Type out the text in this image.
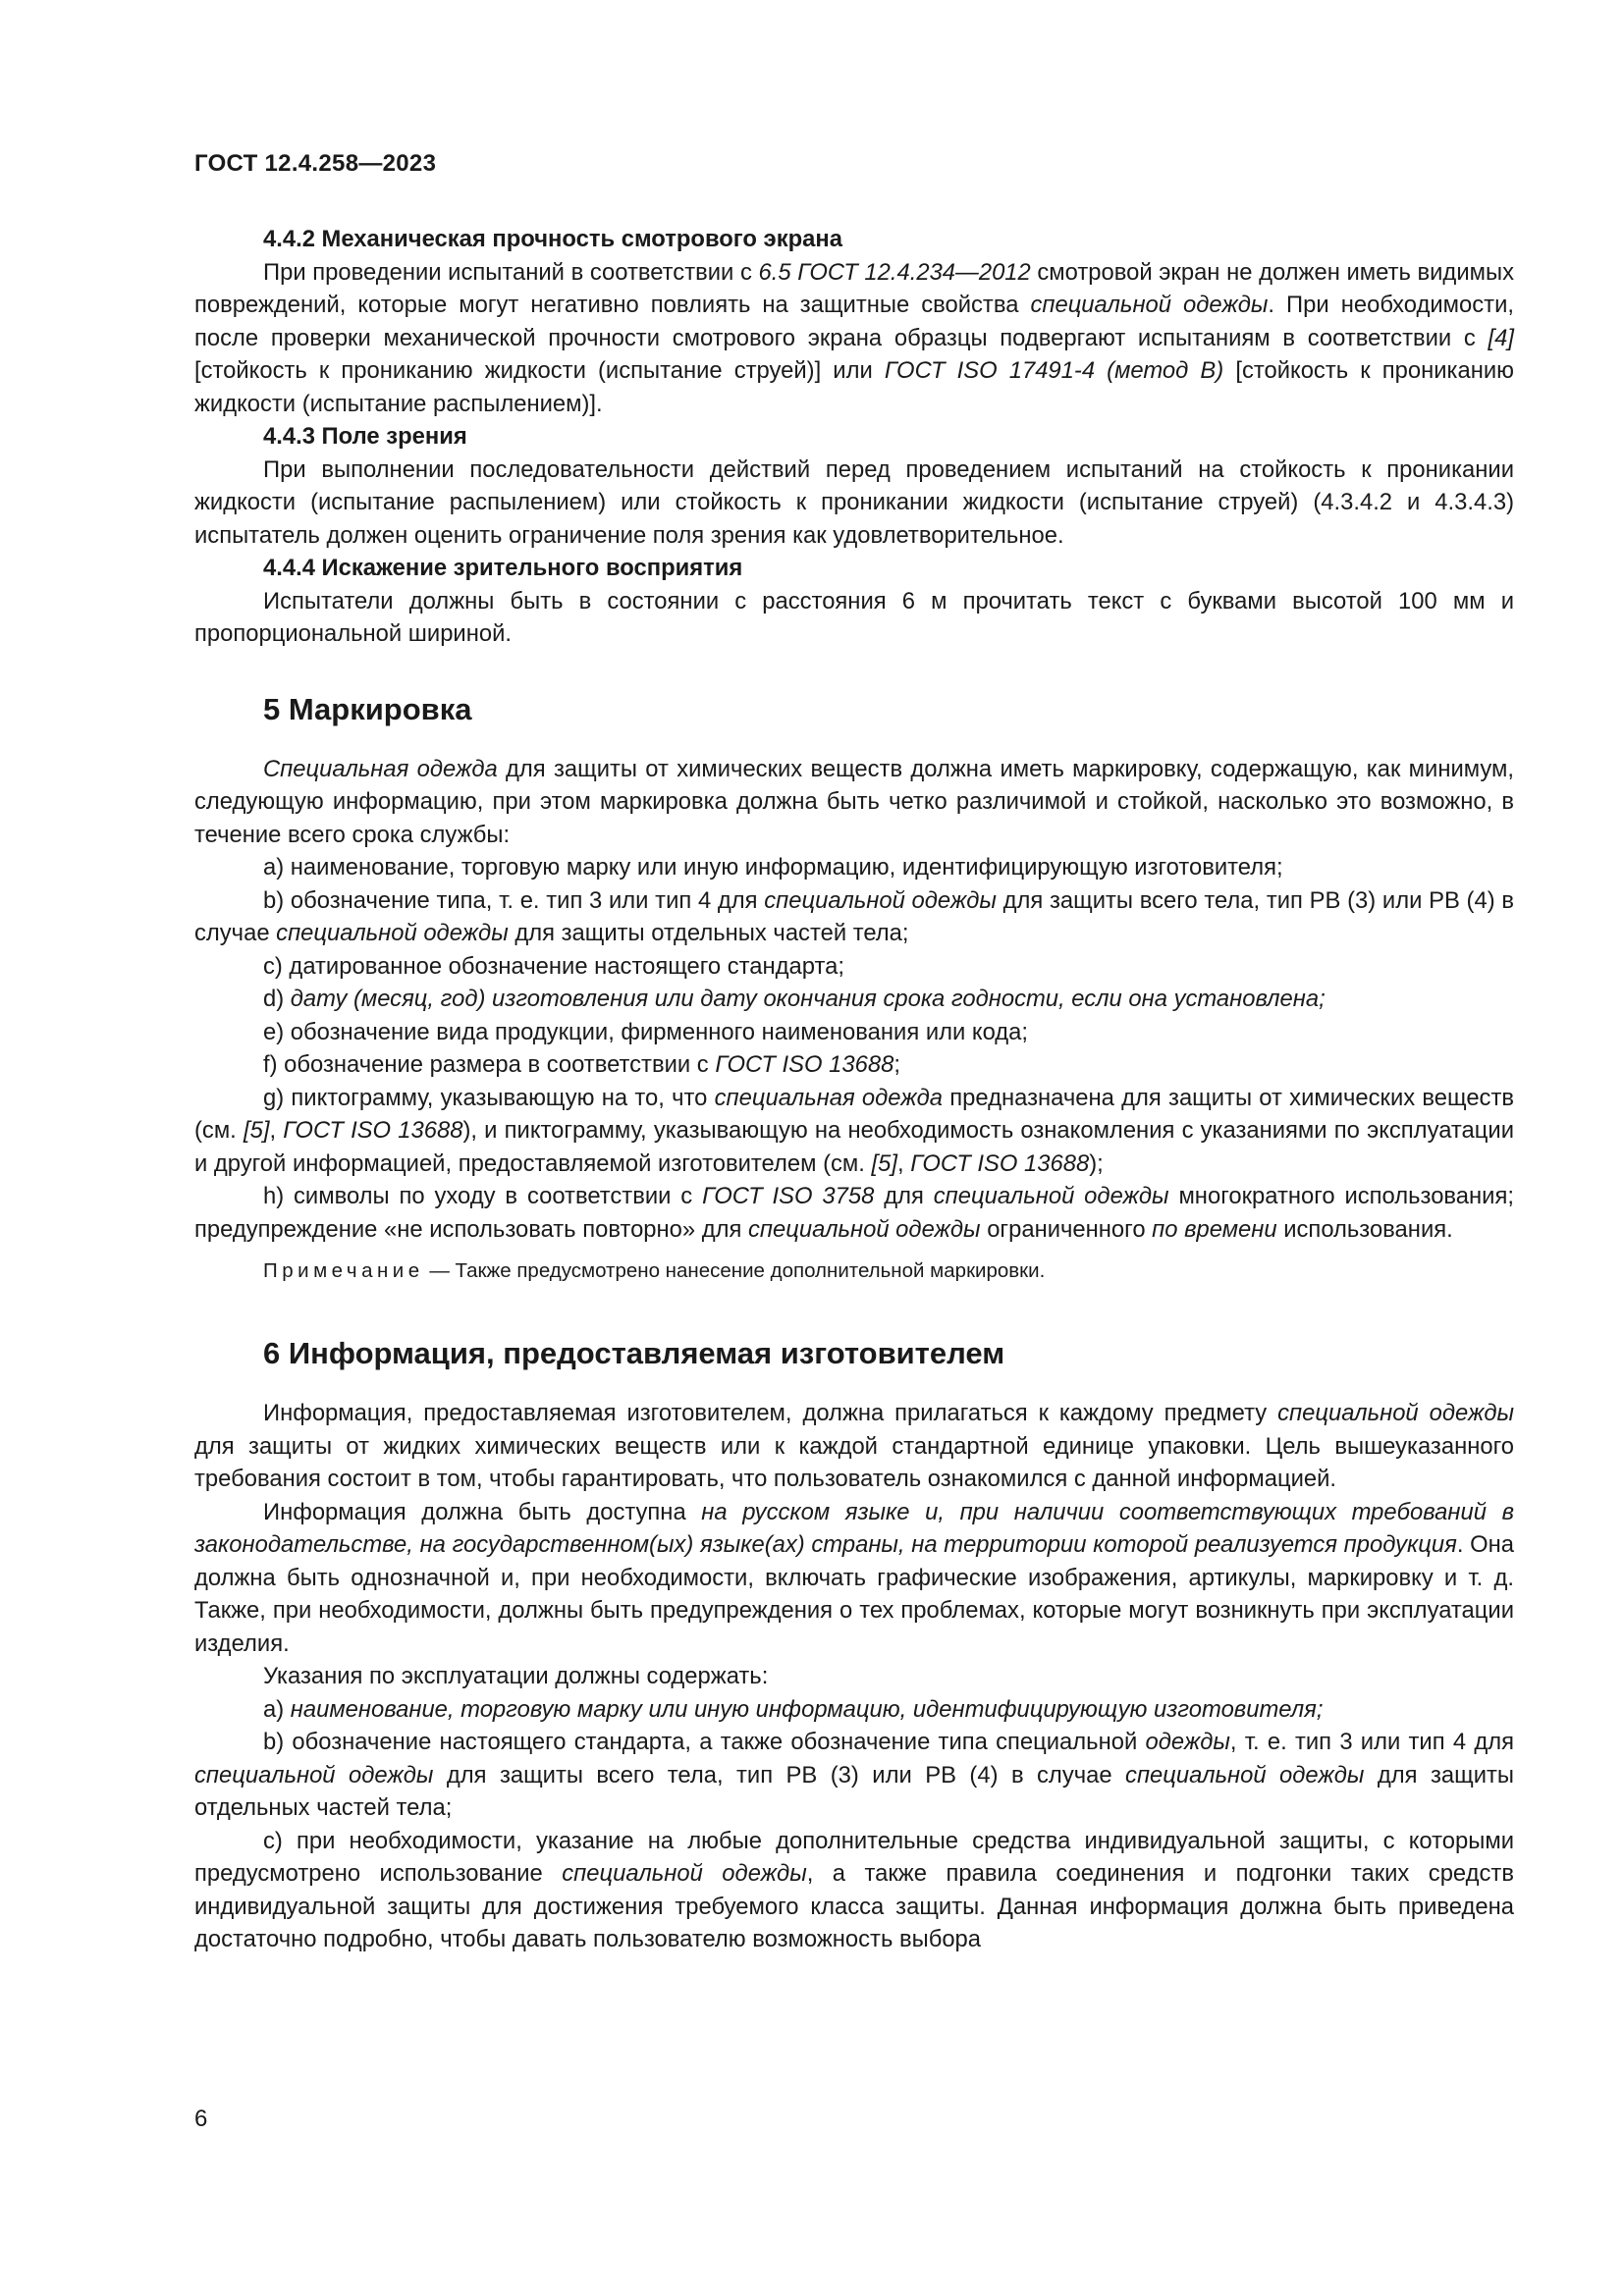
ГОСТ 12.4.258—2023

4.4.2 Механическая прочность смотрового экрана

При проведении испытаний в соответствии с 6.5 ГОСТ 12.4.234—2012 смотровой экран не должен иметь видимых повреждений, которые могут негативно повлиять на защитные свойства специальной одежды. При необходимости, после проверки механической прочности смотрового экрана образцы подвергают испытаниям в соответствии с [4] [стойкость к прониканию жидкости (испытание струей)] или ГОСТ ISO 17491-4 (метод B) [стойкость к прониканию жидкости (испытание распылением)].

4.4.3 Поле зрения

При выполнении последовательности действий перед проведением испытаний на стойкость к проникании жидкости (испытание распылением) или стойкость к проникании жидкости (испытание струей) (4.3.4.2 и 4.3.4.3) испытатель должен оценить ограничение поля зрения как удовлетворительное.

4.4.4 Искажение зрительного восприятия

Испытатели должны быть в состоянии с расстояния 6 м прочитать текст с буквами высотой 100 мм и пропорциональной шириной.

5 Маркировка

Специальная одежда для защиты от химических веществ должна иметь маркировку, содержащую, как минимум, следующую информацию, при этом маркировка должна быть четко различимой и стойкой, насколько это возможно, в течение всего срока службы:

a) наименование, торговую марку или иную информацию, идентифицирующую изготовителя;

b) обозначение типа, т. е. тип 3 или тип 4 для специальной одежды для защиты всего тела, тип PB (3) или PB (4) в случае специальной одежды для защиты отдельных частей тела;

c) датированное обозначение настоящего стандарта;

d) дату (месяц, год) изготовления или дату окончания срока годности, если она установлена;

e) обозначение вида продукции, фирменного наименования или кода;

f) обозначение размера в соответствии с ГОСТ ISO 13688;

g) пиктограмму, указывающую на то, что специальная одежда предназначена для защиты от химических веществ (см. [5], ГОСТ ISO 13688), и пиктограмму, указывающую на необходимость ознакомления с указаниями по эксплуатации и другой информацией, предоставляемой изготовителем (см. [5], ГОСТ ISO 13688);

h) символы по уходу в соответствии с ГОСТ ISO 3758 для специальной одежды многократного использования; предупреждение «не использовать повторно» для специальной одежды ограниченного по времени использования.

Примечание — Также предусмотрено нанесение дополнительной маркировки.

6 Информация, предоставляемая изготовителем

Информация, предоставляемая изготовителем, должна прилагаться к каждому предмету специальной одежды для защиты от жидких химических веществ или к каждой стандартной единице упаковки. Цель вышеуказанного требования состоит в том, чтобы гарантировать, что пользователь ознакомился с данной информацией.

Информация должна быть доступна на русском языке и, при наличии соответствующих требований в законодательстве, на государственном(ых) языке(ах) страны, на территории которой реализуется продукция. Она должна быть однозначной и, при необходимости, включать графические изображения, артикулы, маркировку и т. д. Также, при необходимости, должны быть предупреждения о тех проблемах, которые могут возникнуть при эксплуатации изделия.

Указания по эксплуатации должны содержать:

a) наименование, торговую марку или иную информацию, идентифицирующую изготовителя;

b) обозначение настоящего стандарта, а также обозначение типа специальной одежды, т. е. тип 3 или тип 4 для специальной одежды для защиты всего тела, тип PB (3) или PB (4) в случае специальной одежды для защиты отдельных частей тела;

c) при необходимости, указание на любые дополнительные средства индивидуальной защиты, с которыми предусмотрено использование специальной одежды, а также правила соединения и подгонки таких средств индивидуальной защиты для достижения требуемого класса защиты. Данная информация должна быть приведена достаточно подробно, чтобы давать пользователю возможность выбора

6
